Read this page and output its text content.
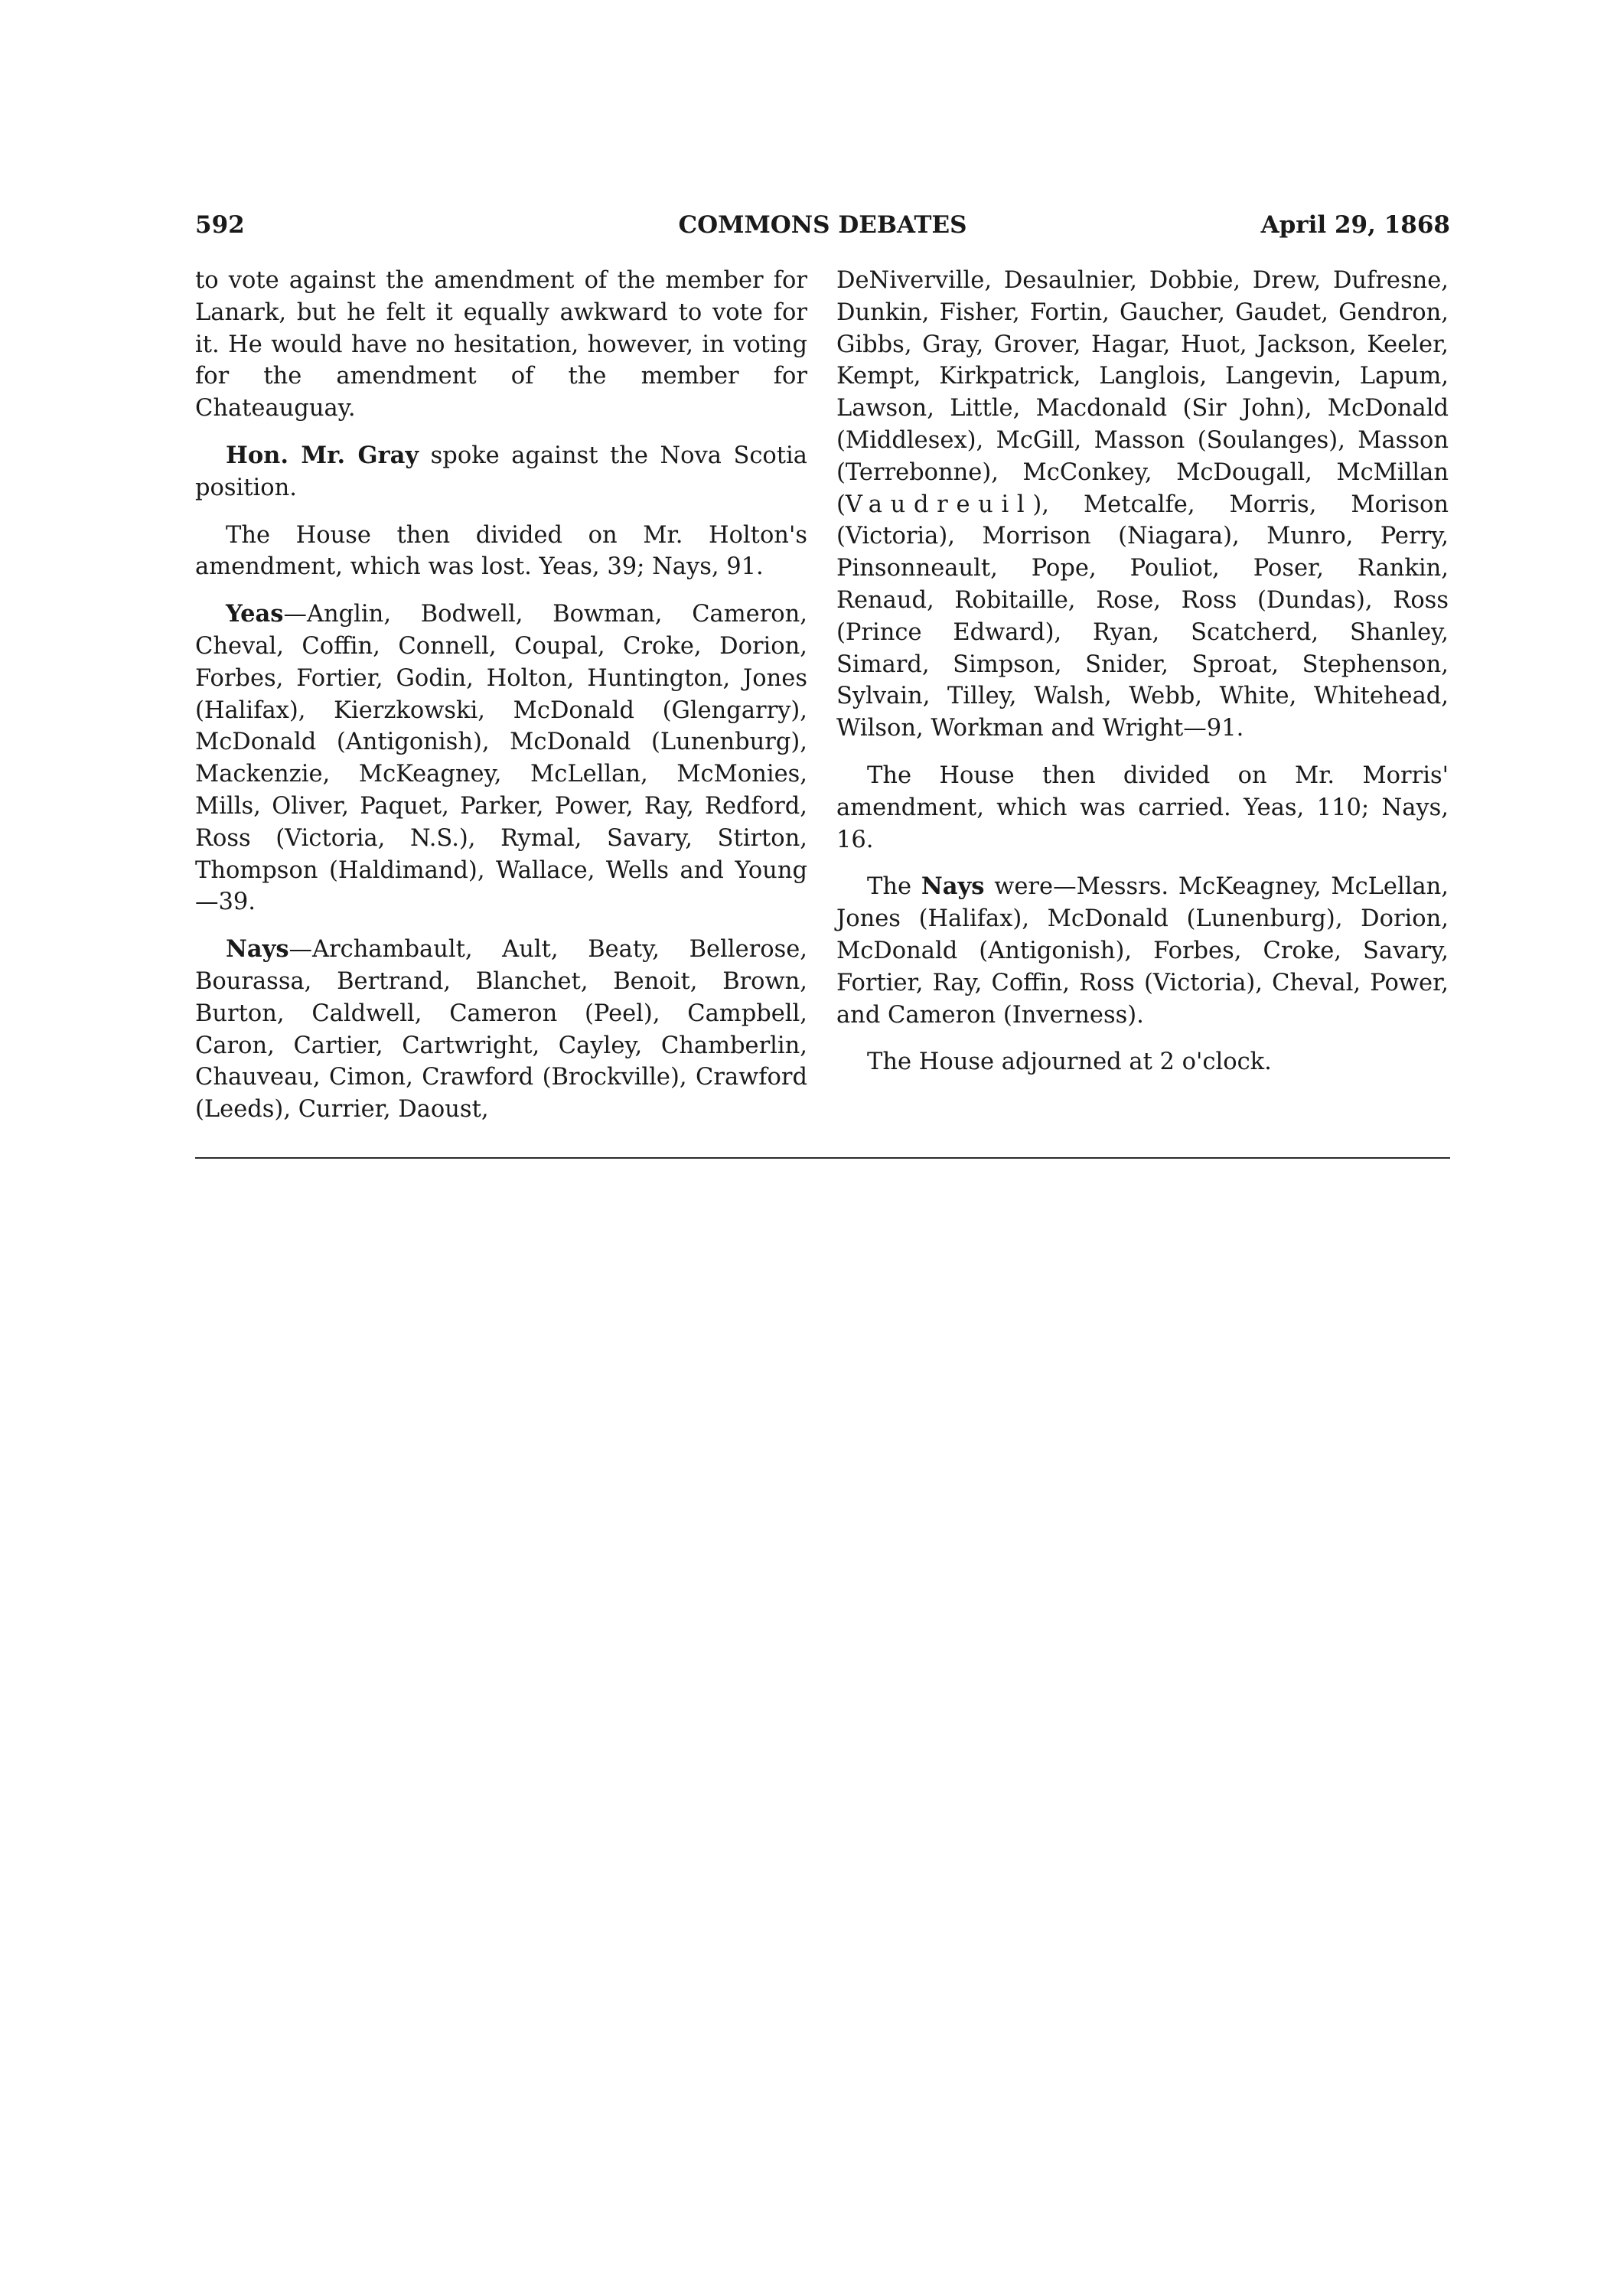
592	COMMONS DEBATES	April 29, 1868

to vote against the amendment of the member for Lanark, but he felt it equally awkward to vote for it. He would have no hesitation, however, in voting for the amendment of the member for Chateauguay.

Hon. Mr. Gray spoke against the Nova Scotia position.

The House then divided on Mr. Holton's amendment, which was lost. Yeas, 39; Nays, 91.

Yeas—Anglin, Bodwell, Bowman, Cameron, Cheval, Coffin, Connell, Coupal, Croke, Dorion, Forbes, Fortier, Godin, Holton, Huntington, Jones (Halifax), Kierzkowski, McDonald (Glengarry), McDonald (Antigonish), McDonald (Lunenburg), Mackenzie, McKeagney, McLellan, McMonies, Mills, Oliver, Paquet, Parker, Power, Ray, Redford, Ross (Victoria, N.S.), Rymal, Savary, Stirton, Thompson (Haldimand), Wallace, Wells and Young—39.

Nays—Archambault, Ault, Beaty, Bellerose, Bourassa, Bertrand, Blanchet, Benoit, Brown, Burton, Caldwell, Cameron (Peel), Campbell, Caron, Cartier, Cartwright, Cayley, Chamberlin, Chauveau, Cimon, Crawford (Brockville), Crawford (Leeds), Currier, Daoust,

DeNiverville, Desaulnier, Dobbie, Drew, Dufresne, Dunkin, Fisher, Fortin, Gaucher, Gaudet, Gendron, Gibbs, Gray, Grover, Hagar, Huot, Jackson, Keeler, Kempt, Kirkpatrick, Langlois, Langevin, Lapum, Lawson, Little, Macdonald (Sir John), McDonald (Middlesex), McGill, Masson (Soulanges), Masson (Terrebonne), McConkey, McDougall, McMillan (Vaudreuil), Metcalfe, Morris, Morison (Victoria), Morrison (Niagara), Munro, Perry, Pinsonneault, Pope, Pouliot, Poser, Rankin, Renaud, Robitaille, Rose, Ross (Dundas), Ross (Prince Edward), Ryan, Scatcherd, Shanley, Simard, Simpson, Snider, Sproat, Stephenson, Sylvain, Tilley, Walsh, Webb, White, Whitehead, Wilson, Workman and Wright—91.

The House then divided on Mr. Morris' amendment, which was carried. Yeas, 110; Nays, 16.

The Nays were—Messrs. McKeagney, McLellan, Jones (Halifax), McDonald (Lunenburg), Dorion, McDonald (Antigonish), Forbes, Croke, Savary, Fortier, Ray, Coffin, Ross (Victoria), Cheval, Power, and Cameron (Inverness).

The House adjourned at 2 o'clock.
